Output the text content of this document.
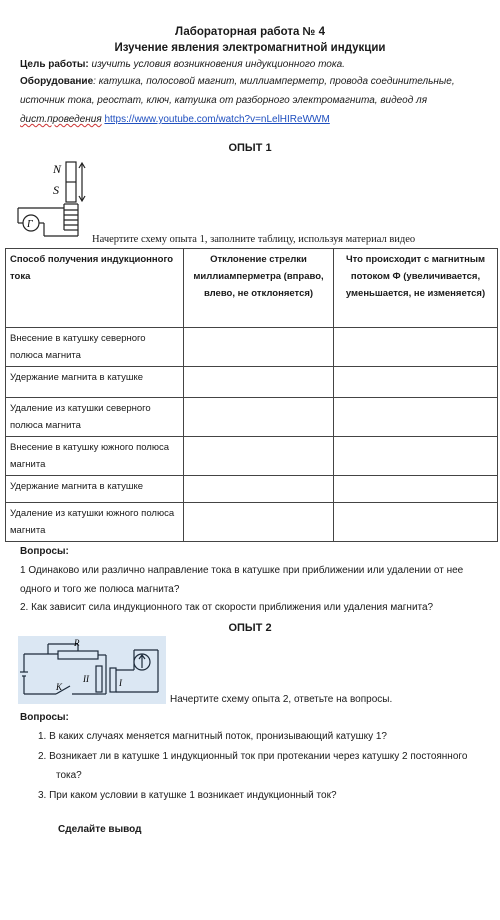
Лабораторная работа № 4
Изучение явления электромагнитной индукции
Цель работы: изучить условия возникновения индукционного тока.
Оборудование: катушка, полосовой магнит, миллиамперметр, провода соединительные,
источник тока, реостат, ключ, катушка от разборного электромагнита, видеод ля
дист.проведения https://www.youtube.com/watch?v=nLelHIReWWM
ОПЫТ 1
N
S
Г
Начертите схему опыта 1, заполните таблицу, используя материал видео
Способ получения индукционного тока	Отклонение стрелки миллиамперметра (вправо, влево, не отклоняется)	Что происходит с магнитным потоком Ф (увеличивается, уменьшается, не изменяется)
Внесение в катушку северного полюса магнита		
Удержание магнита в катушке		
Удаление из катушки северного полюса магнита		
Внесение в катушку южного полюса магнита		
Удержание магнита в катушке		
Удаление из катушки южного полюса магнита		
Вопросы:
1 Одинаково или различно направление тока в катушке при приближении или удалении от нее
одного и того же полюса магнита?
2. Как зависит сила индукционного так от скорости приближения или удаления магнита?
ОПЫТ 2
R
K
II	I
Начертите схему опыта 2, ответьте на вопросы.
Вопросы:
1. В каких случаях меняется магнитный поток, пронизывающий катушку 1?
2. Возникает ли в катушке 1 индукционный ток при протекании через катушку 2 постоянного
тока?
3. При каком условии в катушке 1 возникает индукционный ток?
Сделайте вывод
